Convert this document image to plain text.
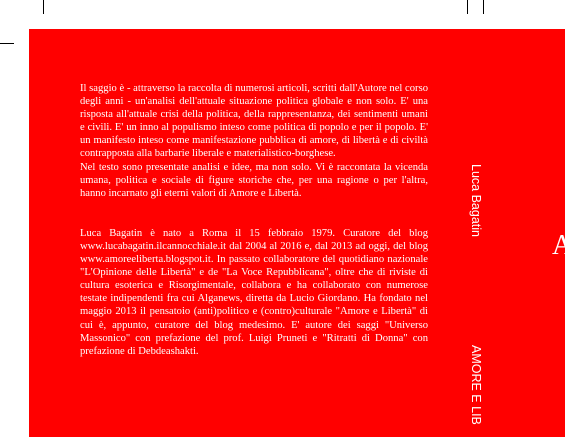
Il saggio è - attraverso la raccolta di numerosi articoli, scritti dall'Autore nel corso degli anni - un'analisi dell'attuale situazione politica globale e non solo. E' una risposta all'attuale crisi della politica, della rappresentanza, dei sentimenti umani e civili. E' un inno al populismo inteso come politica di popolo e per il popolo. E' un manifesto inteso come manifestazione pubblica di amore, di libertà e di civiltà contrapposta alla barbarie liberale e materialistico-borghese.

Nel testo sono presentate analisi e idee, ma non solo. Vi è raccontata la vicenda umana, politica e sociale di figure storiche che, per una ragione o per l'altra, hanno incarnato gli eterni valori di Amore e Libertà.

Luca Bagatin è nato a Roma il 15 febbraio 1979. Curatore del blog www.lucabagatin.ilcannocchiale.it dal 2004 al 2016 e, dal 2013 ad oggi, del blog www.amoreeliberta.blogspot.it. In passato collaboratore del quotidiano nazionale "L'Opinione delle Libertà" e de "La Voce Repubblicana", oltre che di riviste di cultura esoterica e Risorgimentale, collabora e ha collaborato con numerose testate indipendenti fra cui Alganews, diretta da Lucio Giordano. Ha fondato nel maggio 2013 il pensatoio (anti)politico e (contro)culturale "Amore e Libertà" di cui è, appunto, curatore del blog medesimo. E' autore dei saggi "Universo Massonico" con prefazione del prof. Luigi Pruneti e "Ritratti di Donna" con prefazione di Debdeashakti.

Luca Bagatin
AMORE E LIB
A
